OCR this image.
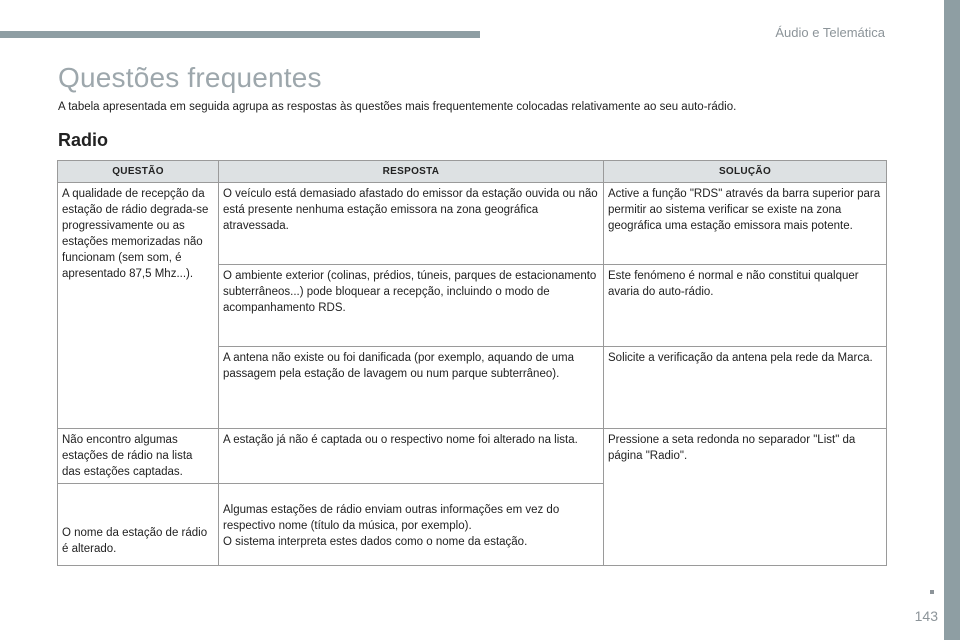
Áudio e Telemática
Questões frequentes

A tabela apresentada em seguida agrupa as respostas às questões mais frequentemente colocadas relativamente ao seu auto-rádio.

Radio
QUESTÃO	RESPOSTA	SOLUÇÃO
A qualidade de recepção da estação de rádio degrada-se progressivamente ou as estações memorizadas não funcionam (sem som, é apresentado 87,5 Mhz...).	O veículo está demasiado afastado do emissor da estação ouvida ou não está presente nenhuma estação emissora na zona geográfica atravessada.	Active a função "RDS" através da barra superior para permitir ao sistema verificar se existe na zona geográfica uma estação emissora mais potente.
	O ambiente exterior (colinas, prédios, túneis, parques de estacionamento subterrâneos...) pode bloquear a recepção, incluindo o modo de acompanhamento RDS.	Este fenómeno é normal e não constitui qualquer avaria do auto-rádio.
	A antena não existe ou foi danificada (por exemplo, aquando de uma passagem pela estação de lavagem ou num parque subterrâneo).	Solicite a verificação da antena pela rede da Marca.
Não encontro algumas estações de rádio na lista das estações captadas.	A estação já não é captada ou o respectivo nome foi alterado na lista.	Pressione a seta redonda no separador "List" da página "Radio".
O nome da estação de rádio é alterado.	Algumas estações de rádio enviam outras informações em vez do respectivo nome (título da música, por exemplo).
O sistema interpreta estes dados como o nome da estação.	
143
